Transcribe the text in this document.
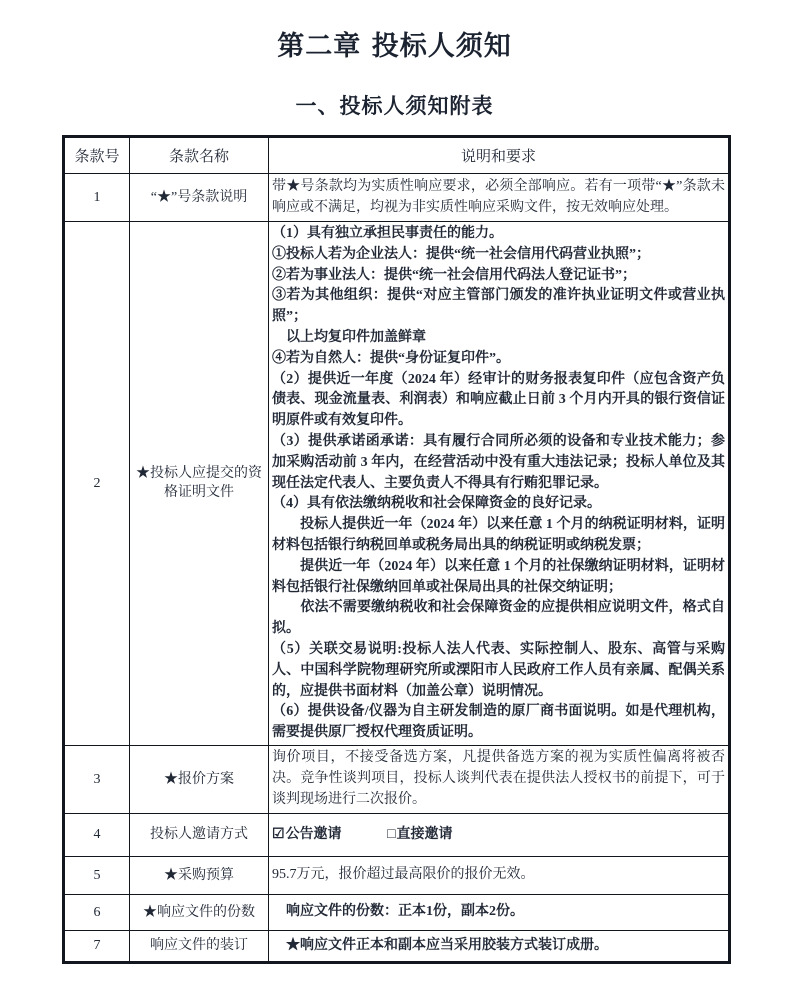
第二章 投标人须知
一、投标人须知附表
条款号	条款名称	说明和要求
1	“★”号条款说明	带★号条款均为实质性响应要求，必须全部响应。若有一项带“★”条款未响应或不满足，均视为非实质性响应采购文件，按无效响应处理。
2	★投标人应提交的资格证明文件	

（1）具有独立承担民事责任的能力。

①投标人若为企业法人：提供“统一社会信用代码营业执照”；

②若为事业法人：提供“统一社会信用代码法人登记证书”；

③若为其他组织：提供“对应主管部门颁发的准许执业证明文件或营业执照”；

　以上均复印件加盖鲜章

④若为自然人：提供“身份证复印件”。

（2）提供近一年度（2024 年）经审计的财务报表复印件（应包含资产负债表、现金流量表、利润表）和响应截止日前 3 个月内开具的银行资信证明原件或有效复印件。

（3）提供承诺函承诺：具有履行合同所必须的设备和专业技术能力；参加采购活动前 3 年内，在经营活动中没有重大违法记录；投标人单位及其现任法定代表人、主要负责人不得具有行贿犯罪记录。

（4）具有依法缴纳税收和社会保障资金的良好记录。

　　投标人提供近一年（2024 年）以来任意 1 个月的纳税证明材料，证明材料包括银行纳税回单或税务局出具的纳税证明或纳税发票；

　　提供近一年（2024 年）以来任意 1 个月的社保缴纳证明材料，证明材料包括银行社保缴纳回单或社保局出具的社保交纳证明；

　　依法不需要缴纳税收和社会保障资金的应提供相应说明文件，格式自拟。

（5）关联交易说明:投标人法人代表、实际控制人、股东、高管与采购人、中国科学院物理研究所或溧阳市人民政府工作人员有亲属、配偶关系的，应提供书面材料（加盖公章）说明情况。

（6）提供设备/仪器为自主研发制造的原厂商书面说明。如是代理机构，需要提供原厂授权代理资质证明。

3	★报价方案	询价项目，不接受备选方案，凡提供备选方案的视为实质性偏离将被否决。竞争性谈判项目，投标人谈判代表在提供法人授权书的前提下，可于谈判现场进行二次报价。
4	投标人邀请方式	☑公告邀请 □直接邀请
5	★采购预算	95.7万元，报价超过最高限价的报价无效。
6	★响应文件的份数	　响应文件的份数：正本1份，副本2份。
7	响应文件的装订	　★响应文件正本和副本应当采用胶装方式装订成册。
